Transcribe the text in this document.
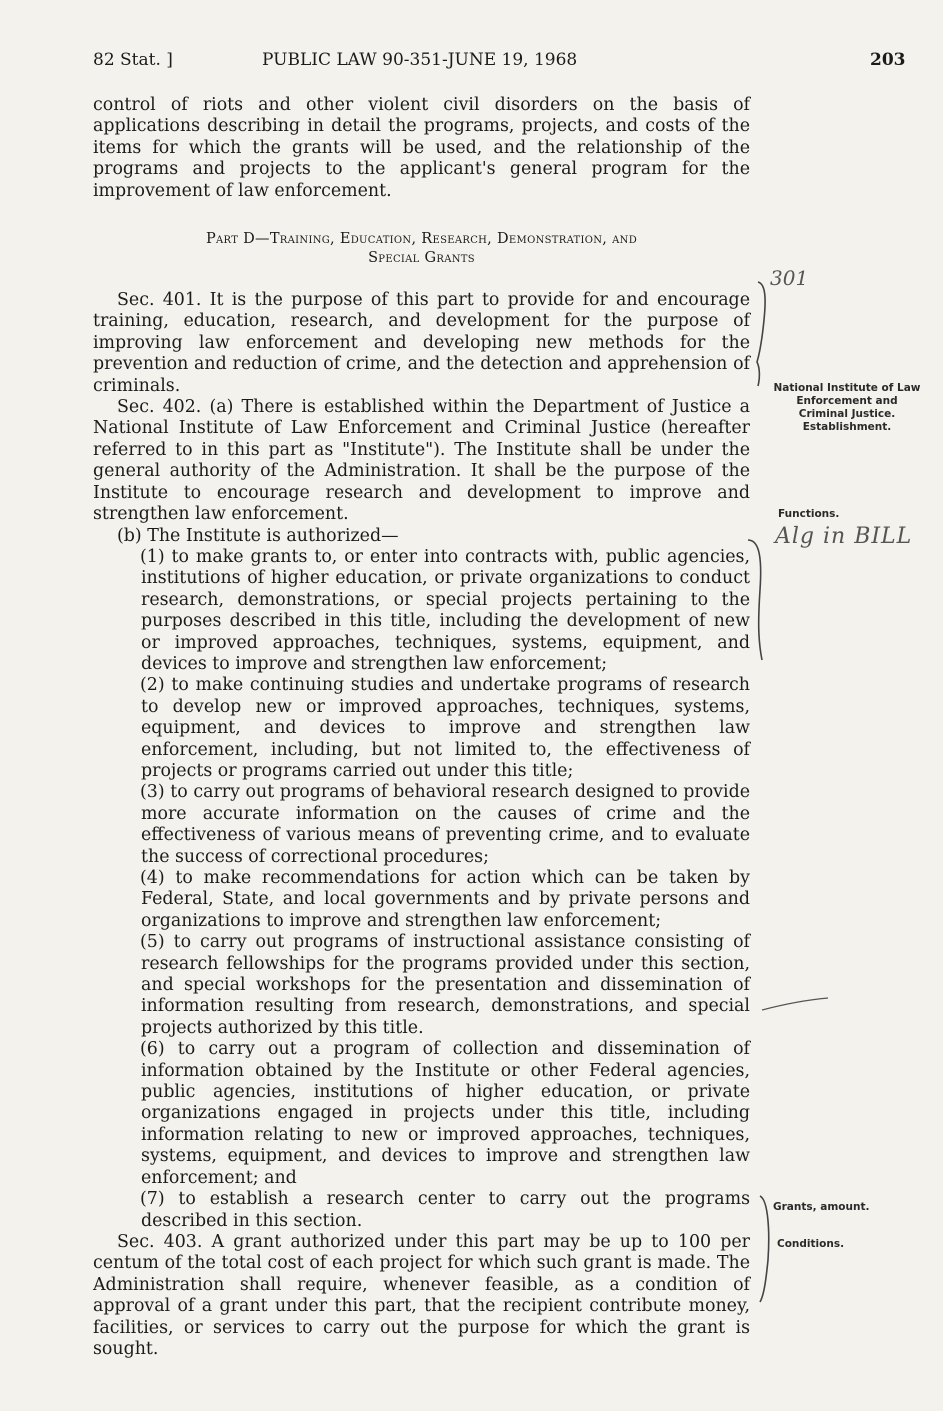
82 Stat. ]	PUBLIC LAW 90-351-JUNE 19, 1968	203

control of riots and other violent civil disorders on the basis of applications describing in detail the programs, projects, and costs of the items for which the grants will be used, and the relationship of the programs and projects to the applicant's general program for the improvement of law enforcement.

Part D—Training, Education, Research, Demonstration, and
Special Grants

Sec. 401. It is the purpose of this part to provide for and encourage training, education, research, and development for the purpose of improving law enforcement and developing new methods for the prevention and reduction of crime, and the detection and apprehension of criminals.

Sec. 402. (a) There is established within the Department of Justice a National Institute of Law Enforcement and Criminal Justice (hereafter referred to in this part as "Institute"). The Institute shall be under the general authority of the Administration. It shall be the purpose of the Institute to encourage research and development to improve and strengthen law enforcement.

(b) The Institute is authorized—

(1) to make grants to, or enter into contracts with, public agencies, institutions of higher education, or private organizations to conduct research, demonstrations, or special projects pertaining to the purposes described in this title, including the development of new or improved approaches, techniques, systems, equipment, and devices to improve and strengthen law enforcement;

(2) to make continuing studies and undertake programs of research to develop new or improved approaches, techniques, systems, equipment, and devices to improve and strengthen law enforcement, including, but not limited to, the effectiveness of projects or programs carried out under this title;

(3) to carry out programs of behavioral research designed to provide more accurate information on the causes of crime and the effectiveness of various means of preventing crime, and to evaluate the success of correctional procedures;

(4) to make recommendations for action which can be taken by Federal, State, and local governments and by private persons and organizations to improve and strengthen law enforcement;

(5) to carry out programs of instructional assistance consisting of research fellowships for the programs provided under this section, and special workshops for the presentation and dissemination of information resulting from research, demonstrations, and special projects authorized by this title.

(6) to carry out a program of collection and dissemination of information obtained by the Institute or other Federal agencies, public agencies, institutions of higher education, or private organizations engaged in projects under this title, including information relating to new or improved approaches, techniques, systems, equipment, and devices to improve and strengthen law enforcement; and

(7) to establish a research center to carry out the programs described in this section.

Sec. 403. A grant authorized under this part may be up to 100 per centum of the total cost of each project for which such grant is made. The Administration shall require, whenever feasible, as a condition of approval of a grant under this part, that the recipient contribute money, facilities, or services to carry out the purpose for which the grant is sought.

National Institute of Law Enforcement and Criminal Justice. Establishment.
Functions.
Grants, amount.
Conditions.
301
Alg in BILL
